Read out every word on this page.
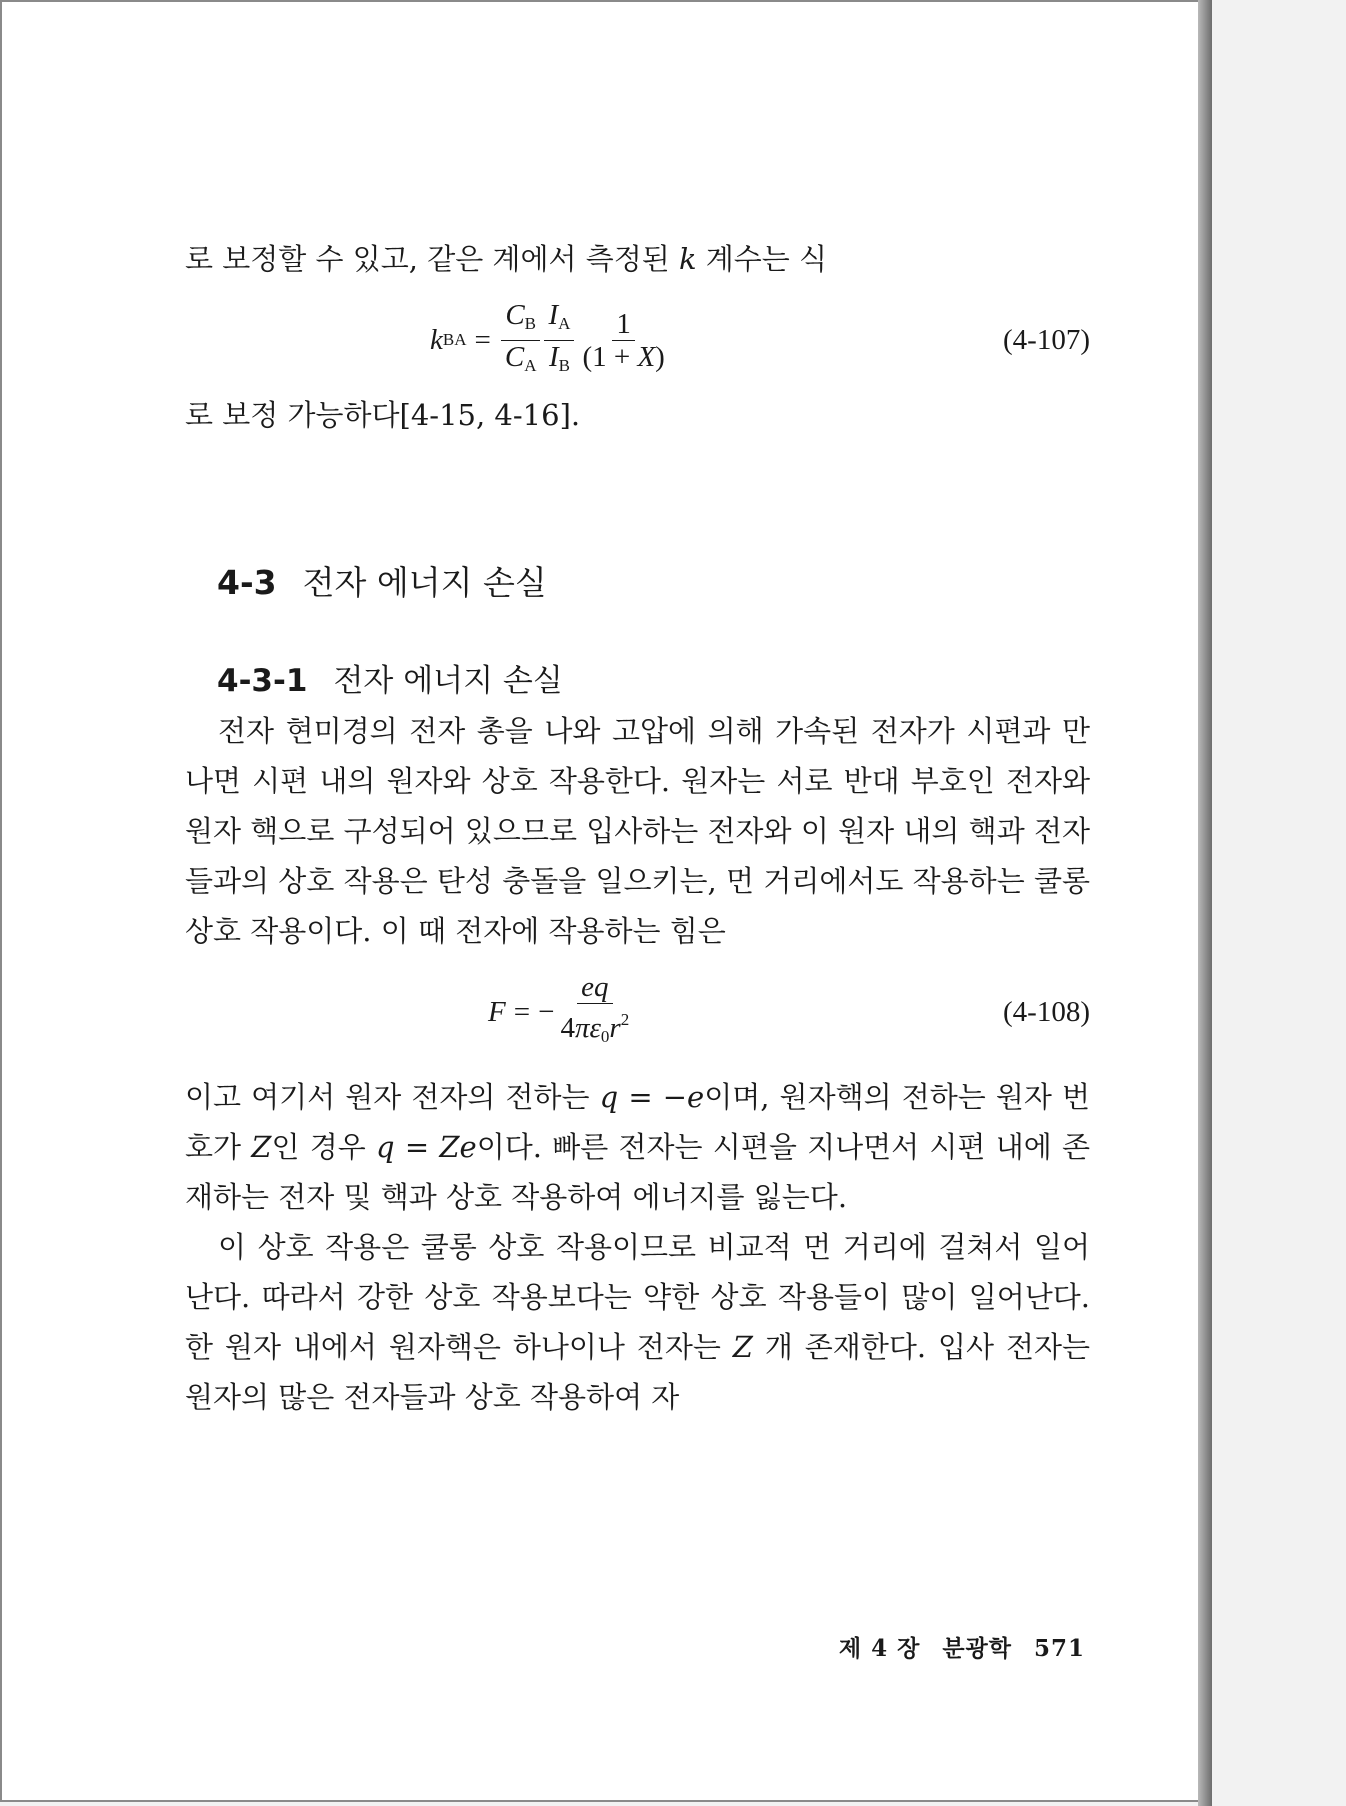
로 보정할 수 있고, 같은 계에서 측정된 k 계수는 식

k BA = $\frac{C_B}{C_A} \frac{I_A}{I_B} \frac{1}{(1 + X)}$	(4-107)

로 보정 가능하다[4-15, 4-16].

4-3 전자 에너지 손실
4-3-1 전자 에너지 손실

전자 현미경의 전자 총을 나와 고압에 의해 가속된 전자가 시편과 만나면 시편 내의 원자와 상호 작용한다. 원자는 서로 반대 부호인 전자와 원자 핵으로 구성되어 있으므로 입사하는 전자와 이 원자 내의 핵과 전자들과의 상호 작용은 탄성 충돌을 일으키는, 먼 거리에서도 작용하는 쿨롱 상호 작용이다. 이 때 전자에 작용하는 힘은

F = − $\frac{eq}{4\pi\varepsilon_0r^2}$	(4-108)

이고 여기서 원자 전자의 전하는 q = −e이며, 원자핵의 전하는 원자 번호가 Z인 경우 q = Ze이다. 빠른 전자는 시편을 지나면서 시편 내에 존재하는 전자 및 핵과 상호 작용하여 에너지를 잃는다.

이 상호 작용은 쿨롱 상호 작용이므로 비교적 먼 거리에 걸쳐서 일어난다. 따라서 강한 상호 작용보다는 약한 상호 작용들이 많이 일어난다. 한 원자 내에서 원자핵은 하나이나 전자는 Z 개 존재한다. 입사 전자는 원자의 많은 전자들과 상호 작용하여 자

제 4 장 분광학 571
